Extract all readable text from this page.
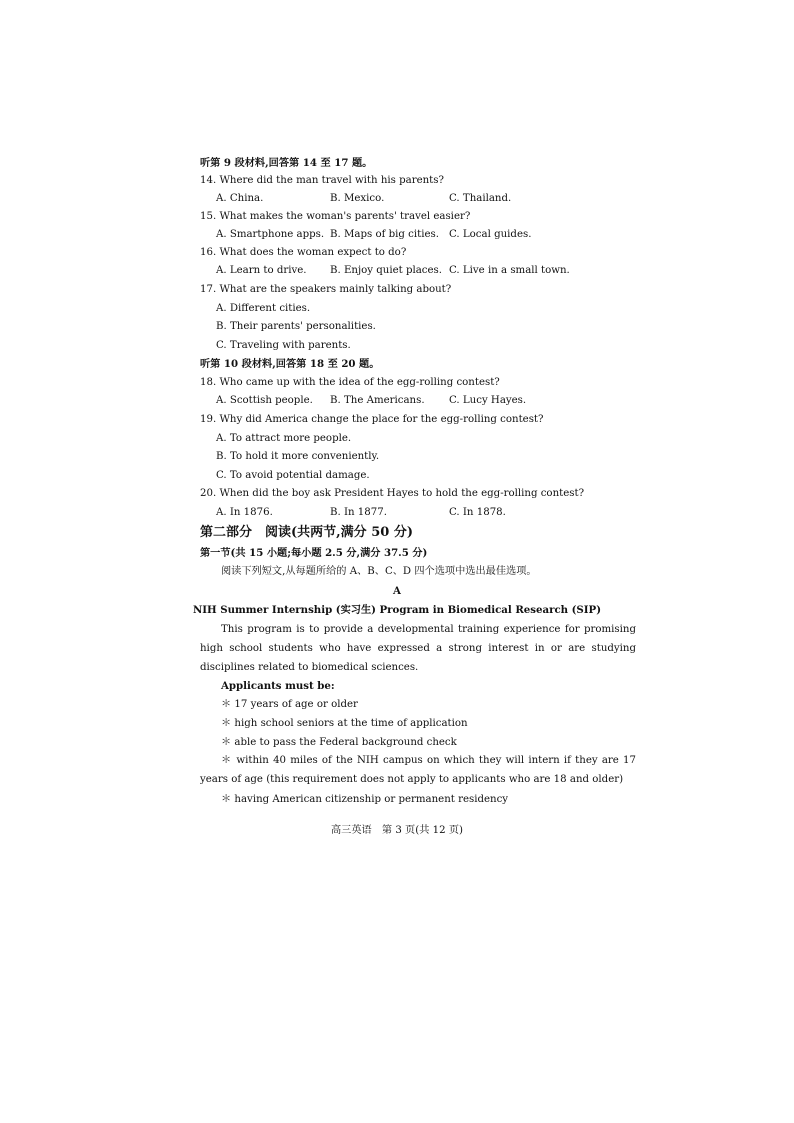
听第 9 段材料,回答第 14 至 17 题。
14. Where did the man travel with his parents?
A. China.	B. Mexico.	C. Thailand.
15. What makes the woman's parents' travel easier?
A. Smartphone apps. B. Maps of big cities. C. Local guides.
16. What does the woman expect to do?
A. Learn to drive. B. Enjoy quiet places. C. Live in a small town.
17. What are the speakers mainly talking about?
A. Different cities.
B. Their parents' personalities.
C. Traveling with parents.
听第 10 段材料,回答第 18 至 20 题。
18. Who came up with the idea of the egg-rolling contest?
A. Scottish people. B. The Americans. C. Lucy Hayes.
19. Why did America change the place for the egg-rolling contest?
A. To attract more people.
B. To hold it more conveniently.
C. To avoid potential damage.
20. When did the boy ask President Hayes to hold the egg-rolling contest?
A. In 1876.	B. In 1877.	C. In 1878.
第二部分　阅读(共两节,满分 50 分)
第一节(共 15 小题;每小题 2.5 分,满分 37.5 分)
阅读下列短文,从每题所给的 A、B、C、D 四个选项中选出最佳选项。
A
NIH Summer Internship (实习生) Program in Biomedical Research (SIP)
This program is to provide a developmental training experience for promising high school students who have expressed a strong interest in or are studying disciplines related to biomedical sciences.
Applicants must be:
＊ 17 years of age or older
＊ high school seniors at the time of application
＊ able to pass the Federal background check
＊ within 40 miles of the NIH campus on which they will intern if they are 17 years of age (this requirement does not apply to applicants who are 18 and older)
＊ having American citizenship or permanent residency
高三英语　第 3 页(共 12 页)
